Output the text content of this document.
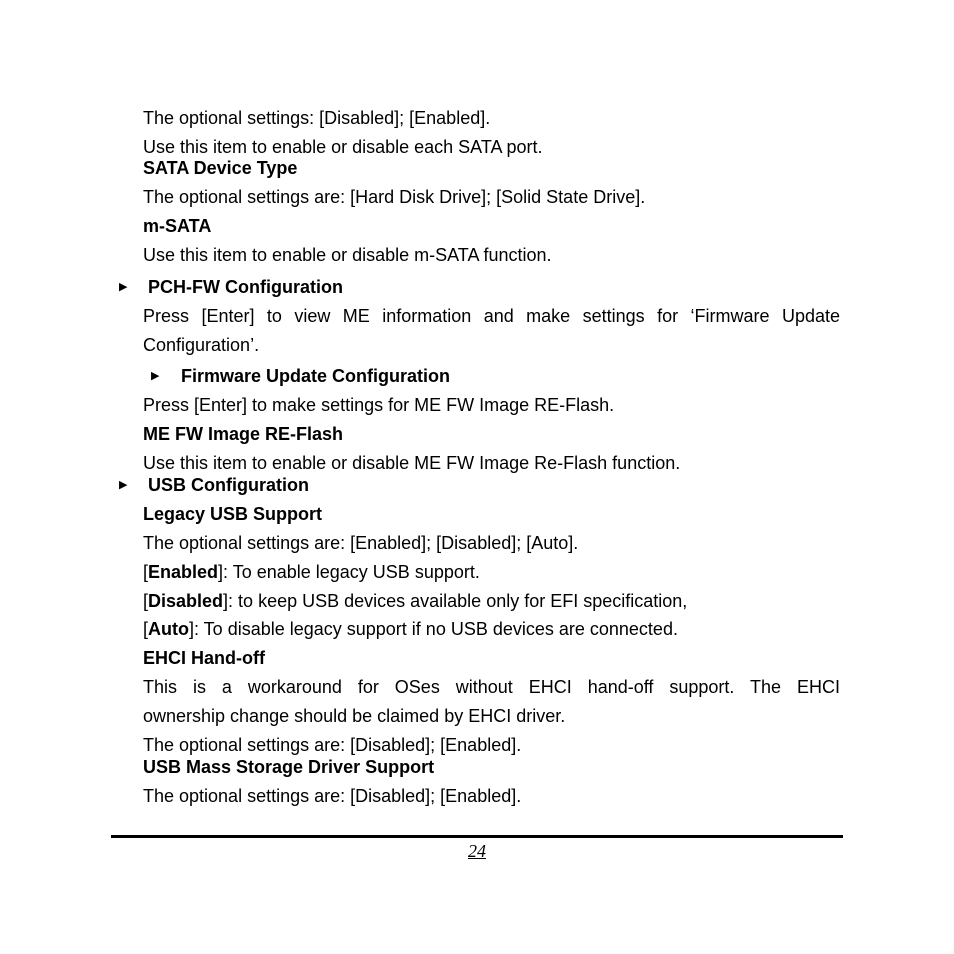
The optional settings: [Disabled]; [Enabled].
Use this item to enable or disable each SATA port.
SATA Device Type
The optional settings are: [Hard Disk Drive]; [Solid State Drive].
m-SATA
Use this item to enable or disable m-SATA function.
▶ PCH-FW Configuration
Press [Enter] to view ME information and make settings for ‘Firmware Update
Configuration’.
▶ Firmware Update Configuration
Press [Enter] to make settings for ME FW Image RE-Flash.
ME FW Image RE-Flash
Use this item to enable or disable ME FW Image Re-Flash function.
▶ USB Configuration
Legacy USB Support
The optional settings are: [Enabled]; [Disabled]; [Auto].
[Enabled]: To enable legacy USB support.
[Disabled]: to keep USB devices available only for EFI specification,
[Auto]: To disable legacy support if no USB devices are connected.
EHCI Hand-off
This is a workaround for OSes without EHCI hand-off support. The EHCI
ownership change should be claimed by EHCI driver.
The optional settings are: [Disabled]; [Enabled].
USB Mass Storage Driver Support
The optional settings are: [Disabled]; [Enabled].
24
